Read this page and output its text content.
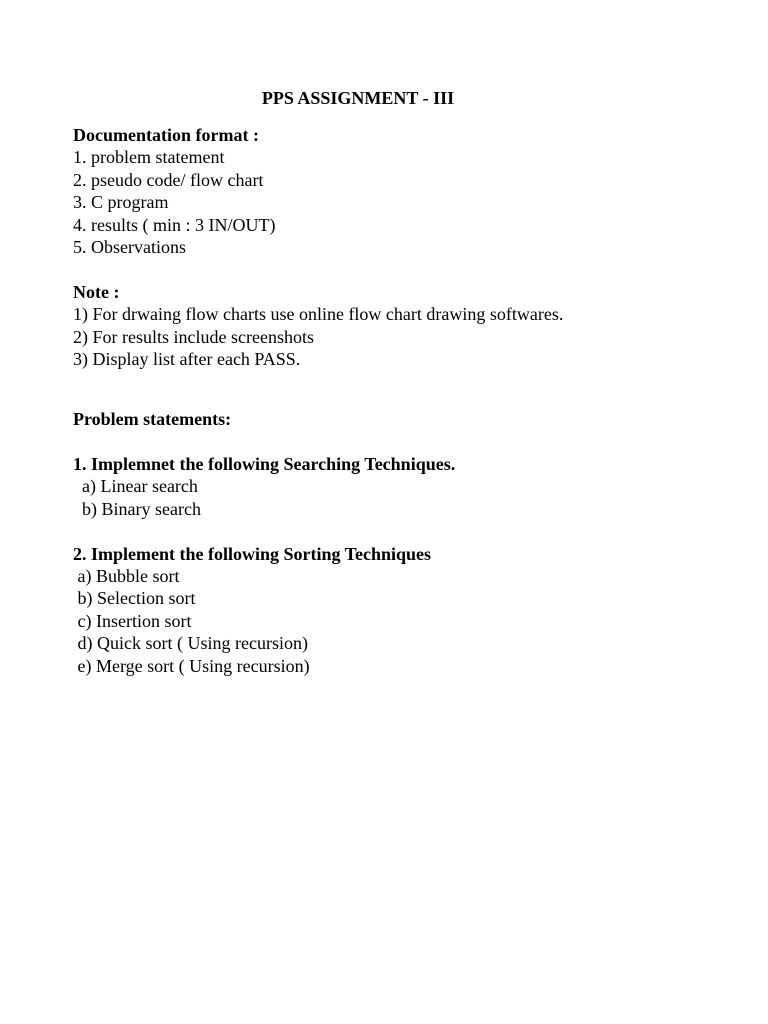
PPS ASSIGNMENT - III
Documentation format :
1. problem statement
2. pseudo code/ flow chart
3. C program
4. results ( min : 3 IN/OUT)
5. Observations
Note :
1) For drwaing flow charts use online flow chart drawing softwares.
2) For results include screenshots
3) Display list after each PASS.
Problem statements:
1. Implemnet the following Searching Techniques.
a) Linear search
b) Binary search
2. Implement the following Sorting Techniques
a) Bubble sort
b) Selection sort
c) Insertion sort
d) Quick sort ( Using recursion)
e) Merge sort ( Using recursion)
